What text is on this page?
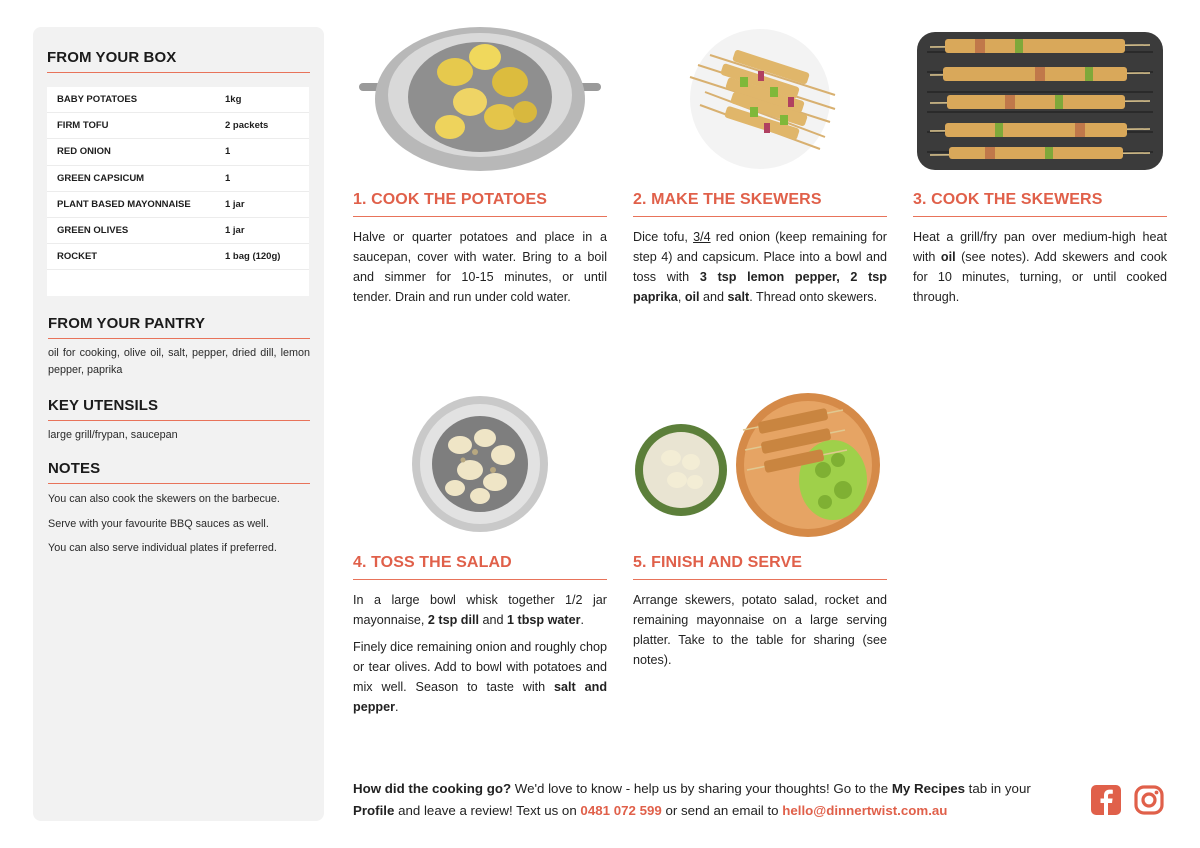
FROM YOUR BOX
BABY POTATOES	1kg
FIRM TOFU	2 packets
RED ONION	1
GREEN CAPSICUM	1
PLANT BASED MAYONNAISE	1 jar
GREEN OLIVES	1 jar
ROCKET	1 bag (120g)
FROM YOUR PANTRY
oil for cooking, olive oil, salt, pepper, dried dill, lemon pepper, paprika
KEY UTENSILS
large grill/frypan, saucepan
NOTES
You can also cook the skewers on the barbecue.
Serve with your favourite BBQ sauces as well.
You can also serve individual plates if preferred.
1. COOK THE POTATOES
Halve or quarter potatoes and place in a saucepan, cover with water. Bring to a boil and simmer for 10-15 minutes, or until tender. Drain and run under cold water.
2. MAKE THE SKEWERS
Dice tofu, 3/4 red onion (keep remaining for step 4) and capsicum. Place into a bowl and toss with 3 tsp lemon pepper, 2 tsp paprika, oil and salt. Thread onto skewers.
3. COOK THE SKEWERS
Heat a grill/fry pan over medium-high heat with oil (see notes). Add skewers and cook for 10 minutes, turning, or until cooked through.
4. TOSS THE SALAD
In a large bowl whisk together 1/2 jar mayonnaise, 2 tsp dill and 1 tbsp water.
Finely dice remaining onion and roughly chop or tear olives. Add to bowl with potatoes and mix well. Season to taste with salt and pepper.
5. FINISH AND SERVE
Arrange skewers, potato salad, rocket and remaining mayonnaise on a large serving platter. Take to the table for sharing (see notes).
How did the cooking go? We'd love to know - help us by sharing your thoughts! Go to the My Recipes tab in your Profile and leave a review! Text us on 0481 072 599 or send an email to hello@dinnertwist.com.au
